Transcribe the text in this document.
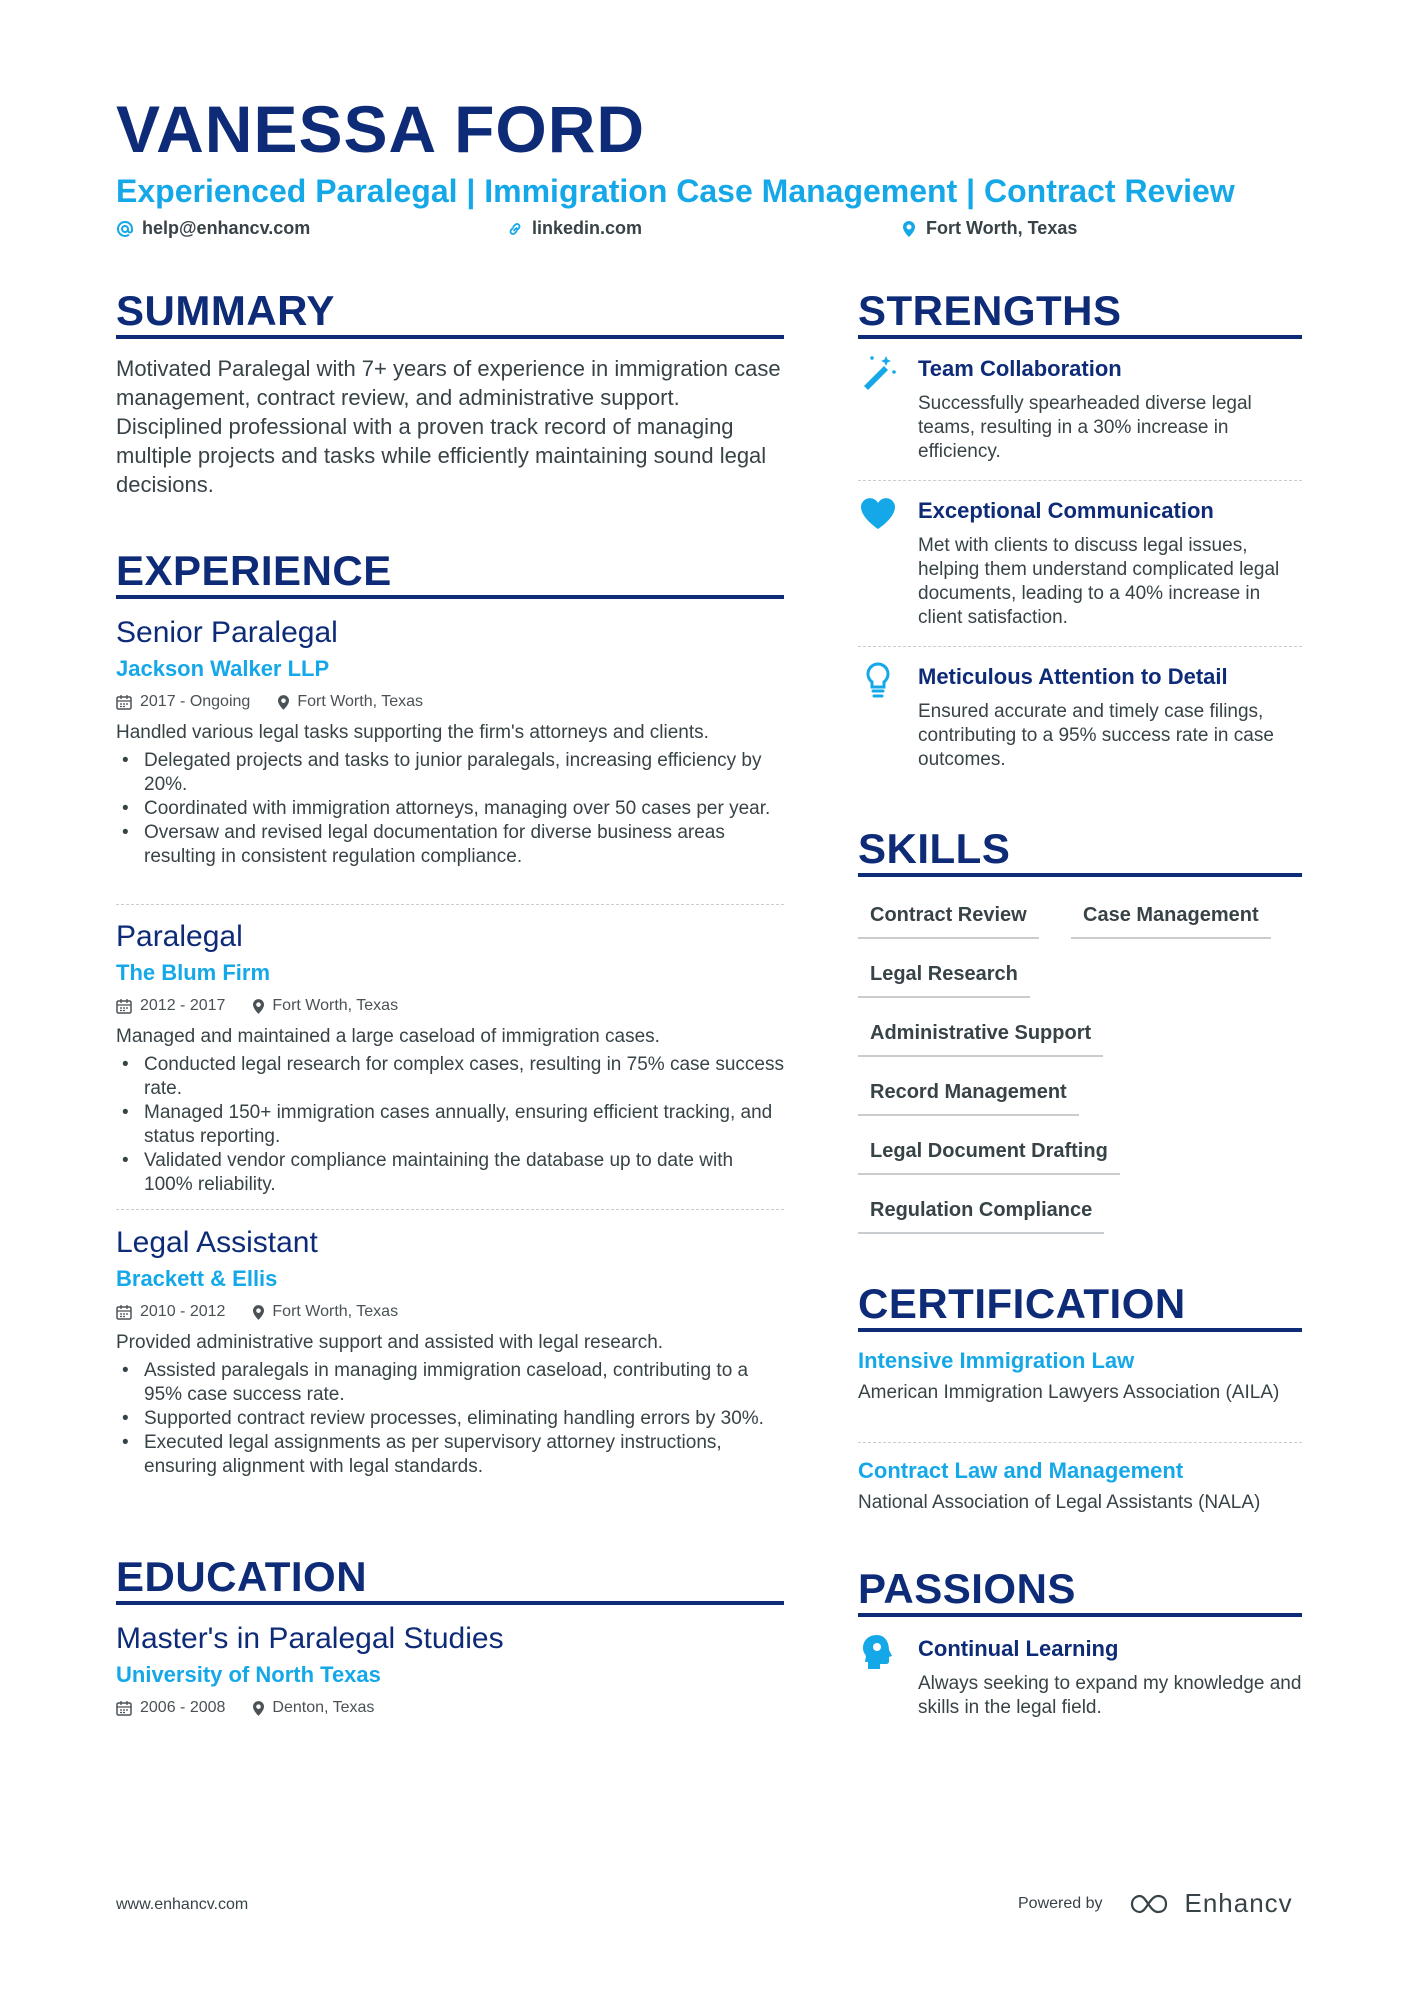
VANESSA FORD
Experienced Paralegal | Immigration Case Management | Contract Review
help@enhancv.com	linkedin.com	Fort Worth, Texas
SUMMARY

Motivated Paralegal with 7+ years of experience in immigration case management, contract review, and administrative support. Disciplined professional with a proven track record of managing multiple projects and tasks while efficiently maintaining sound legal decisions.

EXPERIENCE
Senior Paralegal
Jackson Walker LLP
2017 - Ongoing	Fort Worth, Texas
Handled various legal tasks supporting the firm's attorneys and clients.
• Delegated projects and tasks to junior paralegals, increasing efficiency by 20%.
• Coordinated with immigration attorneys, managing over 50 cases per year.
• Oversaw and revised legal documentation for diverse business areas resulting in consistent regulation compliance.
Paralegal
The Blum Firm
2012 - 2017	Fort Worth, Texas
Managed and maintained a large caseload of immigration cases.
• Conducted legal research for complex cases, resulting in 75% case success rate.
• Managed 150+ immigration cases annually, ensuring efficient tracking, and status reporting.
• Validated vendor compliance maintaining the database up to date with 100% reliability.
Legal Assistant
Brackett & Ellis
2010 - 2012	Fort Worth, Texas
Provided administrative support and assisted with legal research.
• Assisted paralegals in managing immigration caseload, contributing to a 95% case success rate.
• Supported contract review processes, eliminating handling errors by 30%.
• Executed legal assignments as per supervisory attorney instructions, ensuring alignment with legal standards.
EDUCATION
Master's in Paralegal Studies
University of North Texas
2006 - 2008	Denton, Texas
STRENGTHS
Team Collaboration
Successfully spearheaded diverse legal teams, resulting in a 30% increase in efficiency.
Exceptional Communication
Met with clients to discuss legal issues, helping them understand complicated legal documents, leading to a 40% increase in client satisfaction.
Meticulous Attention to Detail
Ensured accurate and timely case filings, contributing to a 95% success rate in case outcomes.
SKILLS
Contract Review	Case Management
Legal Research
Administrative Support
Record Management
Legal Document Drafting
Regulation Compliance
CERTIFICATION
Intensive Immigration Law
American Immigration Lawyers Association (AILA)
Contract Law and Management
National Association of Legal Assistants (NALA)
PASSIONS
Continual Learning
Always seeking to expand my knowledge and skills in the legal field.
www.enhancv.com	Powered by	Enhancv
